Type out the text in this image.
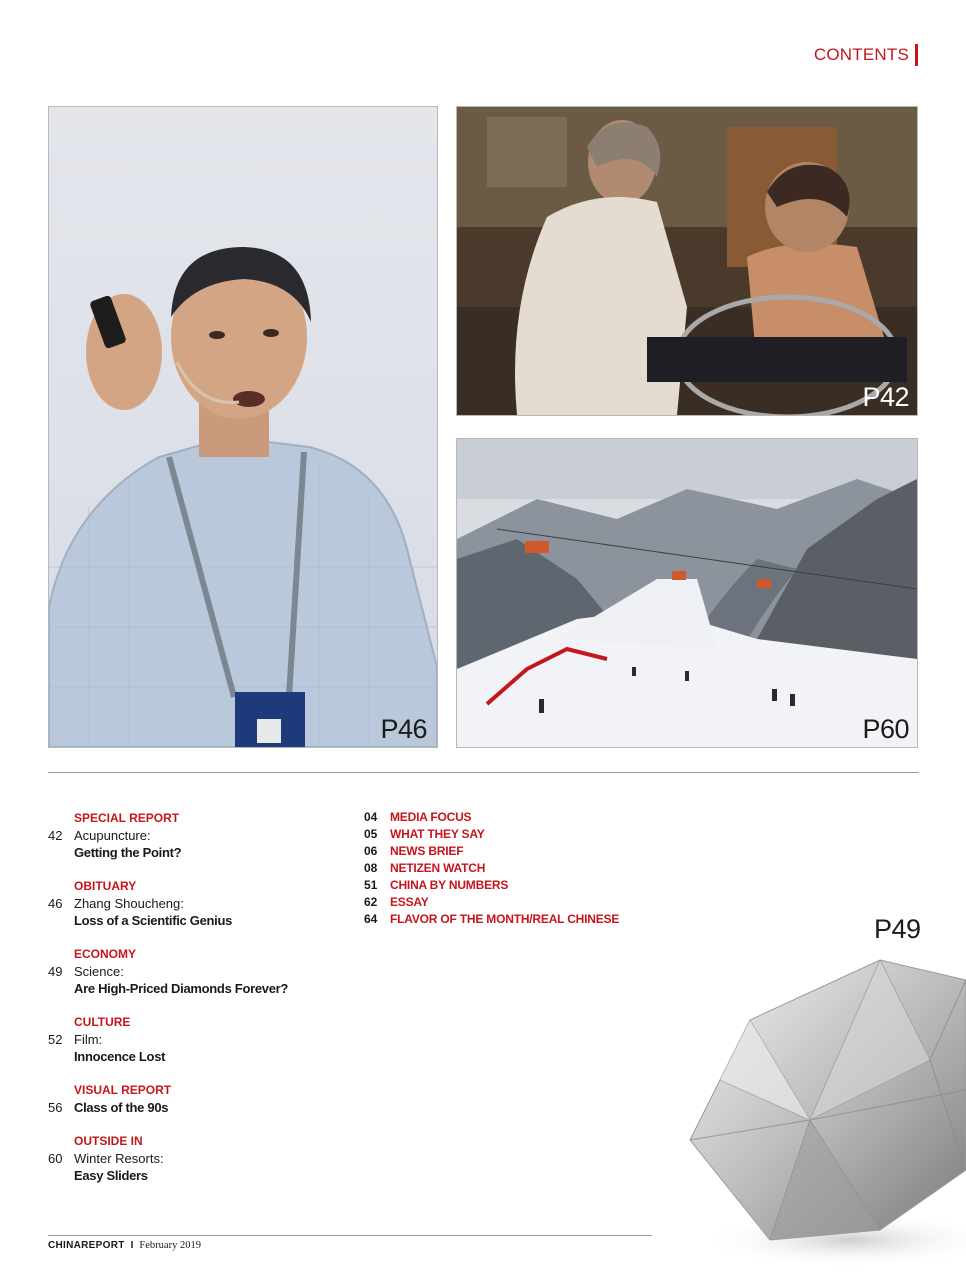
CONTENTS
P46
P42
P60
SPECIAL REPORT
42 Acupuncture:
Getting the Point?
OBITUARY
46 Zhang Shoucheng:
Loss of a Scientific Genius
ECONOMY
49 Science:
Are High-Priced Diamonds Forever?
CULTURE
52 Film:
Innocence Lost
VISUAL REPORT
56 Class of the 90s
OUTSIDE IN
60 Winter Resorts:
Easy Sliders
04	MEDIA FOCUS
05	WHAT THEY SAY
06	NEWS BRIEF
08	NETIZEN WATCH
51	CHINA BY NUMBERS
62	ESSAY
64	FLAVOR OF THE MONTH/REAL CHINESE	P49
CHINAREPORT I February 2019
